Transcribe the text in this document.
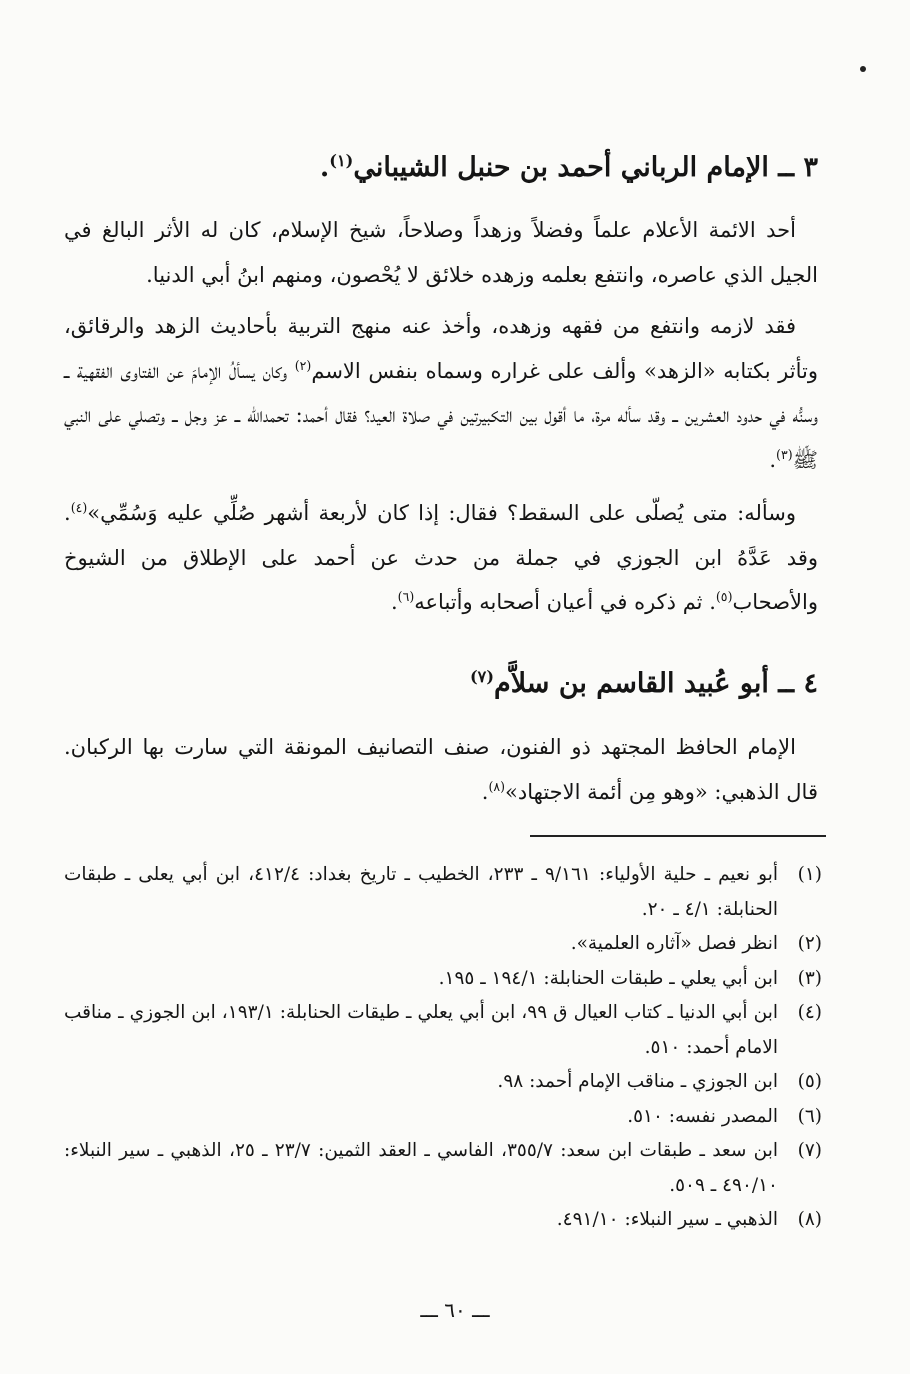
٣ ــ الإمام الرباني أحمد بن حنبل الشيباني$^{(١)}$.

أحد الائمة الأعلام علماً وفضلاً وزهداً وصلاحاً، شيخ الإسلام، كان له الأثر البالغ في الجيل الذي عاصره، وانتفع بعلمه وزهده خلائق لا يُحْصون، ومنهم ابنُ أبي الدنيا.

فقد لازمه وانتفع من فقهه وزهده، وأخذ عنه منهج التربية بأحاديث الزهد والرقائق، وتأثر بكتابه «الزهد» وألف على غراره وسماه بنفس الاسم$^{(٢)}$ وكان يسألُ الإمامَ عن الفتاوى الفقهية ــ وسنُّه في حدود العشرين ــ وقد سأله مرة، ما أقول بين التكبيرتين في صلاة العيد؟ فقال أحمد: تحمدالله ــ عز وجل ــ وتصلي على النبي ﷺ$^{(٣)}$.

وسأله: متى يُصلّى على السقط؟ فقال: إذا كان لأربعة أشهر صُلِّي عليه وَسُمِّي»$^{(٤)}$. وقد عَدَّهُ ابن الجوزي في جملة من حدث عن أحمد على الإطلاق من الشيوخ والأصحاب$^{(٥)}$. ثم ذكره في أعيان أصحابه وأتباعه$^{(٦)}$.

٤ ــ أبو عُبيد القاسم بن سلاَّم$^{(٧)}$

الإمام الحافظ المجتهد ذو الفنون، صنف التصانيف المونقة التي سارت بها الركبان. قال الذهبي: «وهو مِن أئمة الاجتهاد»$^{(٨)}$.

(١)
أبو نعيم ـ حلية الأولياء: ٩/١٦١ ـ ٢٣٣، الخطيب ـ تاريخ بغداد: ٤١٢/٤، ابن أبي يعلى ـ طبقات الحنابلة: ٤/١ ـ ٢٠.
(٢)
انظر فصل «آثاره العلمية».
(٣)
ابن أبي يعلي ـ طبقات الحنابلة: ١٩٤/١ ـ ١٩٥.
(٤)
ابن أبي الدنيا ـ كتاب العيال ق ٩٩، ابن أبي يعلي ـ طيقات الحنابلة: ١٩٣/١، ابن الجوزي ـ مناقب الامام أحمد: ٥١٠.
(٥)
ابن الجوزي ـ مناقب الإمام أحمد: ٩٨.
(٦)
المصدر نفسه: ٥١٠.
(٧)
ابن سعد ـ طبقات ابن سعد: ٣٥٥/٧، الفاسي ـ العقد الثمين: ٢٣/٧ ـ ٢٥، الذهبي ـ سير النبلاء: ٤٩٠/١٠ ـ ٥٠٩.
(٨)
الذهبي ـ سير النبلاء: ٤٩١/١٠.
ـــ ٦٠ ـــ
